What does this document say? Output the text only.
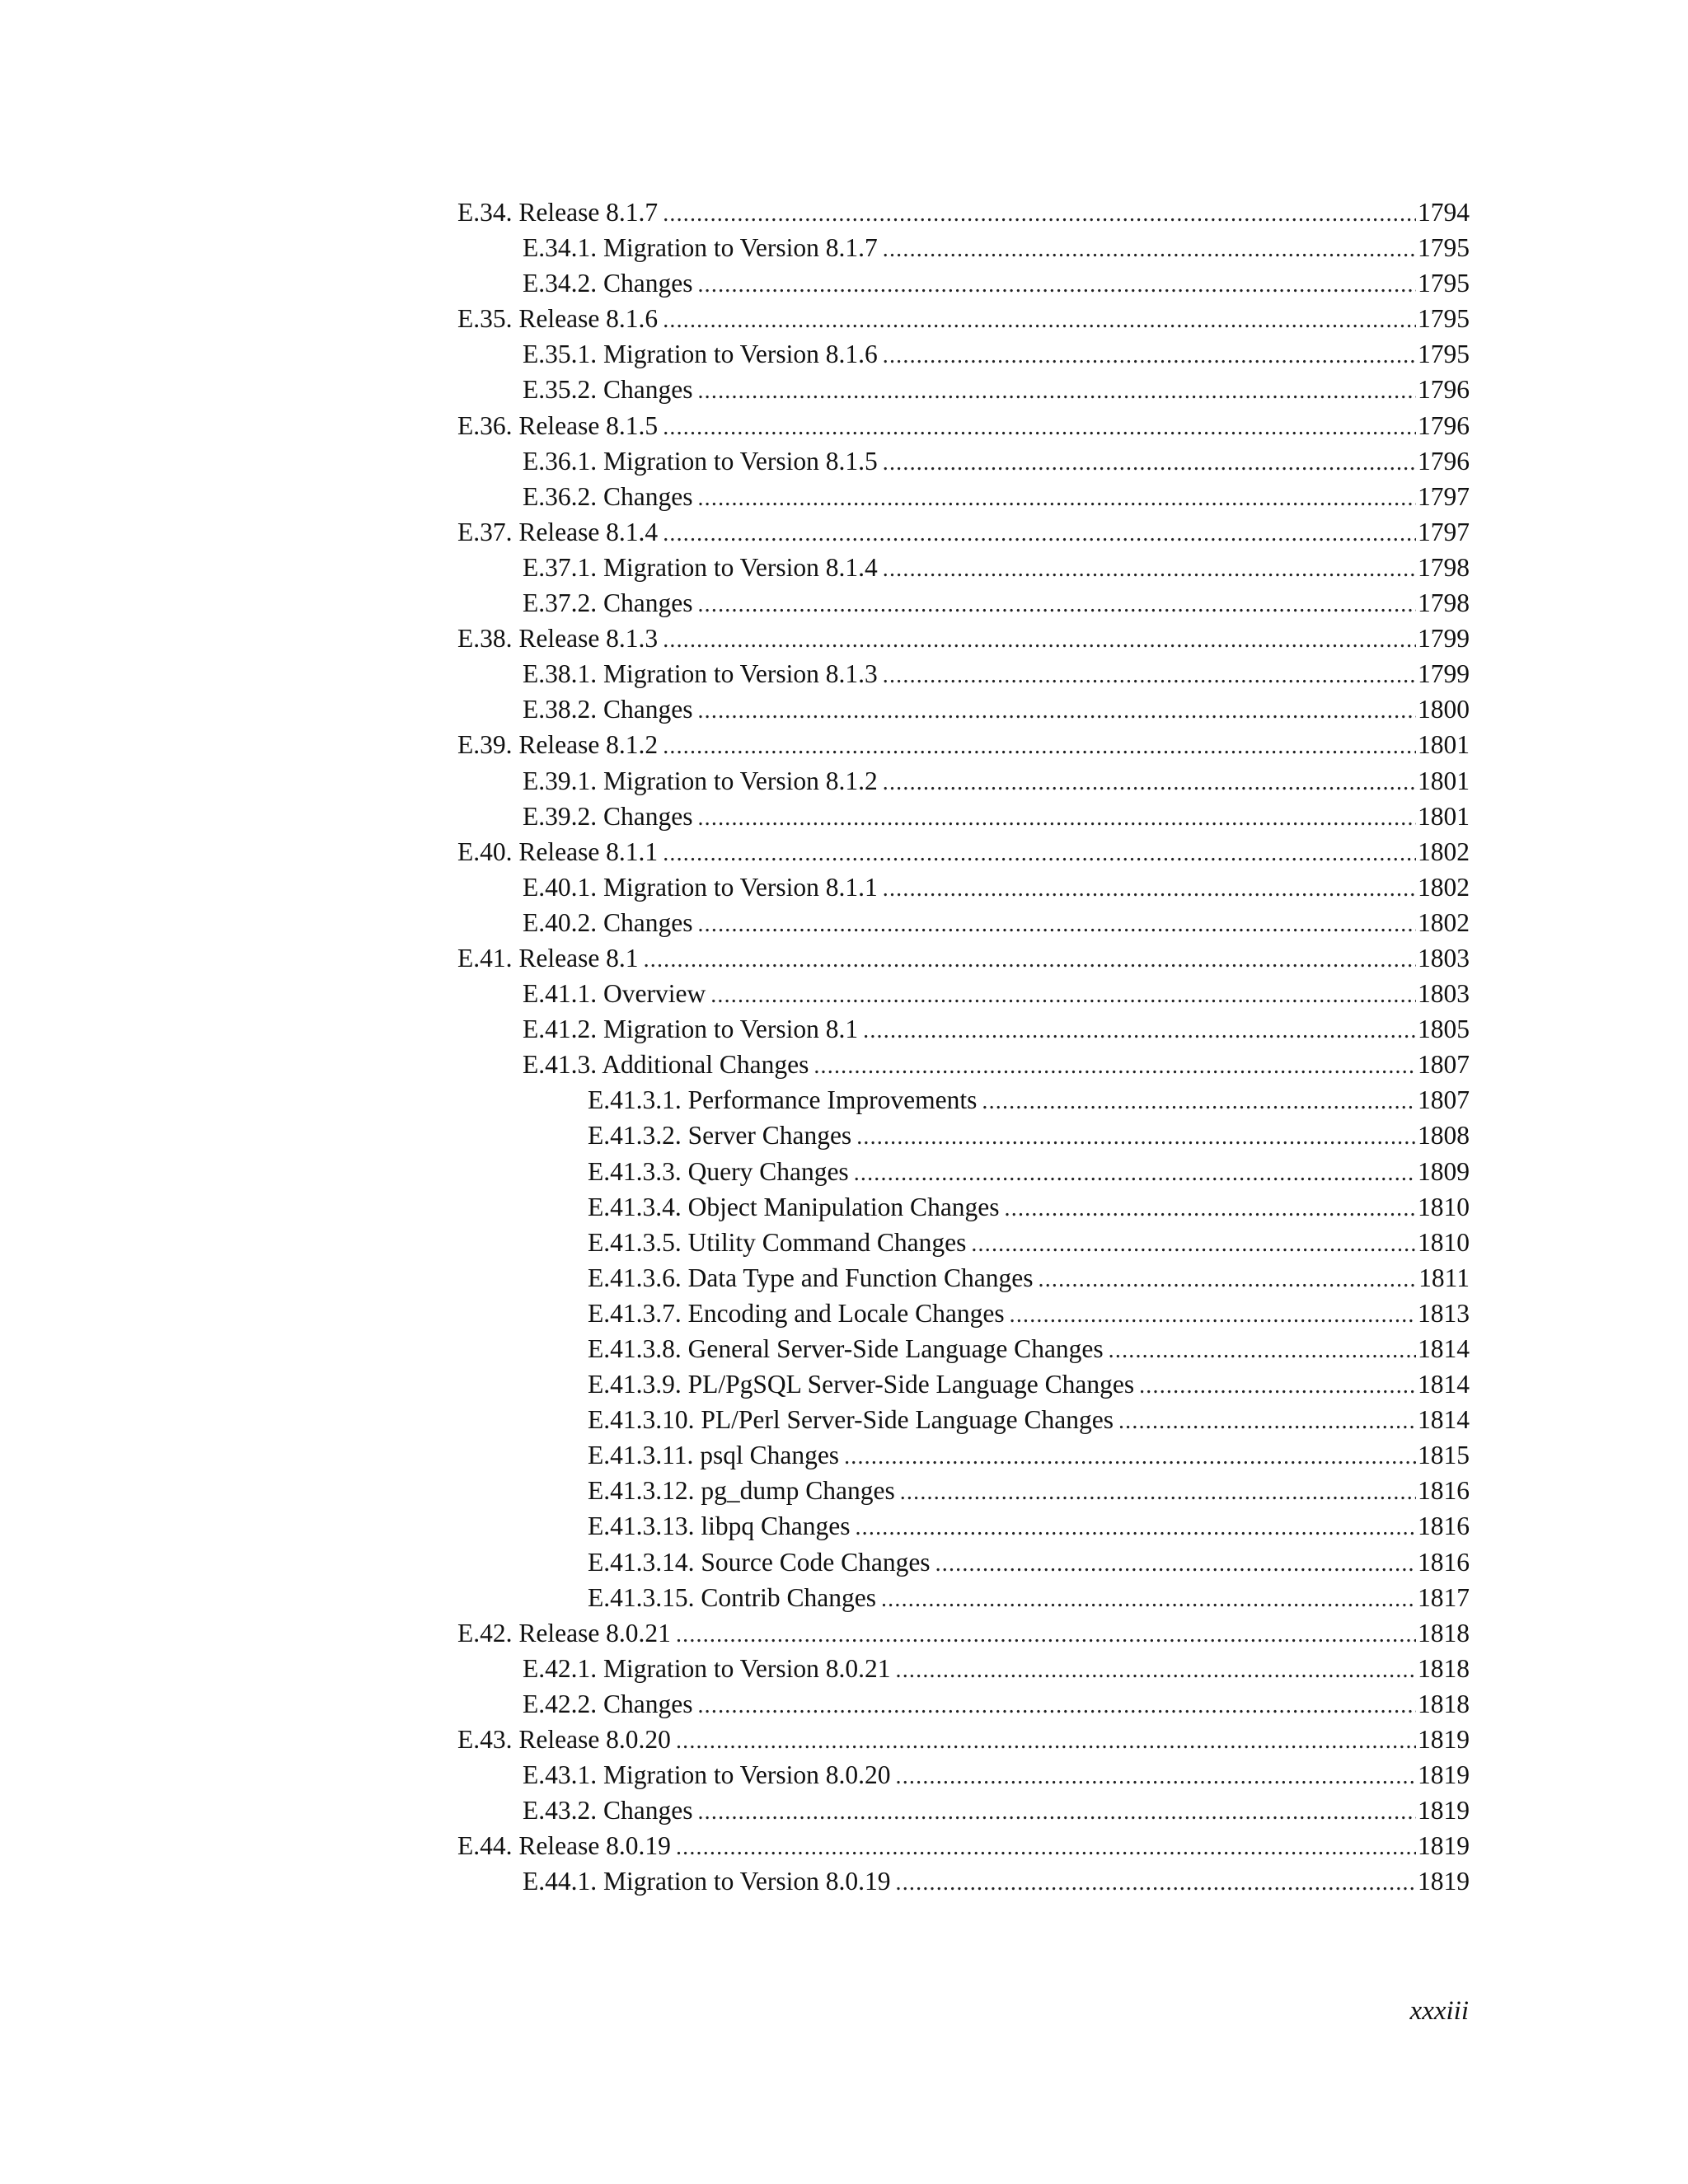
E.34. Release 8.1.7 .....	1794
E.34.1. Migration to Version 8.1.7 .....	1795
E.34.2. Changes .....	1795
E.35. Release 8.1.6 .....	1795
E.35.1. Migration to Version 8.1.6 .....	1795
E.35.2. Changes .....	1796
E.36. Release 8.1.5 .....	1796
E.36.1. Migration to Version 8.1.5 .....	1796
E.36.2. Changes .....	1797
E.37. Release 8.1.4 .....	1797
E.37.1. Migration to Version 8.1.4 .....	1798
E.37.2. Changes .....	1798
E.38. Release 8.1.3 .....	1799
E.38.1. Migration to Version 8.1.3 .....	1799
E.38.2. Changes .....	1800
E.39. Release 8.1.2 .....	1801
E.39.1. Migration to Version 8.1.2 .....	1801
E.39.2. Changes .....	1801
E.40. Release 8.1.1 .....	1802
E.40.1. Migration to Version 8.1.1 .....	1802
E.40.2. Changes .....	1802
E.41. Release 8.1 .....	1803
E.41.1. Overview .....	1803
E.41.2. Migration to Version 8.1 .....	1805
E.41.3. Additional Changes .....	1807
E.41.3.1. Performance Improvements .....	1807
E.41.3.2. Server Changes .....	1808
E.41.3.3. Query Changes .....	1809
E.41.3.4. Object Manipulation Changes .....	1810
E.41.3.5. Utility Command Changes .....	1810
E.41.3.6. Data Type and Function Changes .....	1811
E.41.3.7. Encoding and Locale Changes .....	1813
E.41.3.8. General Server-Side Language Changes .....	1814
E.41.3.9. PL/PgSQL Server-Side Language Changes .....	1814
E.41.3.10. PL/Perl Server-Side Language Changes .....	1814
E.41.3.11. psql Changes .....	1815
E.41.3.12. pg_dump Changes .....	1816
E.41.3.13. libpq Changes .....	1816
E.41.3.14. Source Code Changes .....	1816
E.41.3.15. Contrib Changes .....	1817
E.42. Release 8.0.21 .....	1818
E.42.1. Migration to Version 8.0.21 .....	1818
E.42.2. Changes .....	1818
E.43. Release 8.0.20 .....	1819
E.43.1. Migration to Version 8.0.20 .....	1819
E.43.2. Changes .....	1819
E.44. Release 8.0.19 .....	1819
E.44.1. Migration to Version 8.0.19 .....	1819
xxxiii
